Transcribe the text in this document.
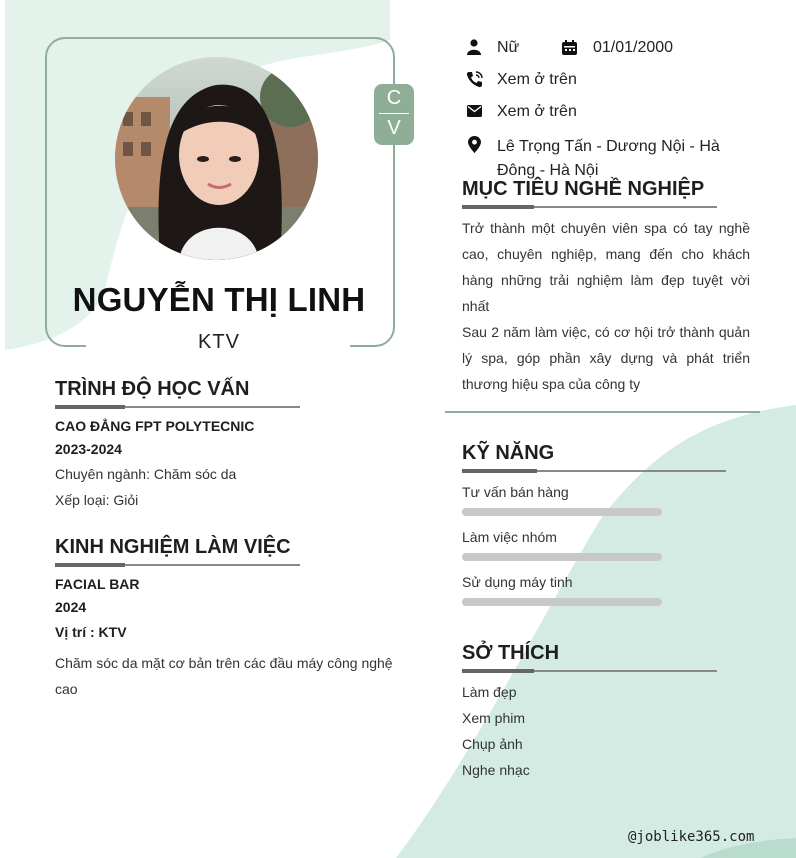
NGUYỄN THỊ LINH
KTV
C
V
Nữ	01/01/2000
Xem ở trên
Xem ở trên
Lê Trọng Tấn - Dương Nội - Hà
Đông - Hà Nội
MỤC TIÊU NGHỀ NGHIỆP
Trở thành một chuyên viên spa có tay nghề cao, chuyên nghiệp, mang đến cho khách hàng những trải nghiệm làm đẹp tuyệt vời nhất
Sau 2 năm làm việc, có cơ hội trở thành quản lý spa, góp phần xây dựng và phát triển thương hiệu spa của công ty
TRÌNH ĐỘ HỌC VẤN
CAO ĐẲNG FPT POLYTECNIC
2023-2024
Chuyên ngành: Chăm sóc da
Xếp loại: Giỏi
KINH NGHIỆM LÀM VIỆC
FACIAL BAR
2024
Vị trí : KTV
Chăm sóc da mặt cơ bản trên các đầu máy công nghệ
cao
KỸ NĂNG
Tư vấn bán hàng
Làm việc nhóm
Sử dụng máy tinh
SỞ THÍCH
Làm đẹp
Xem phim
Chụp ảnh
Nghe nhạc
@joblike365.com
